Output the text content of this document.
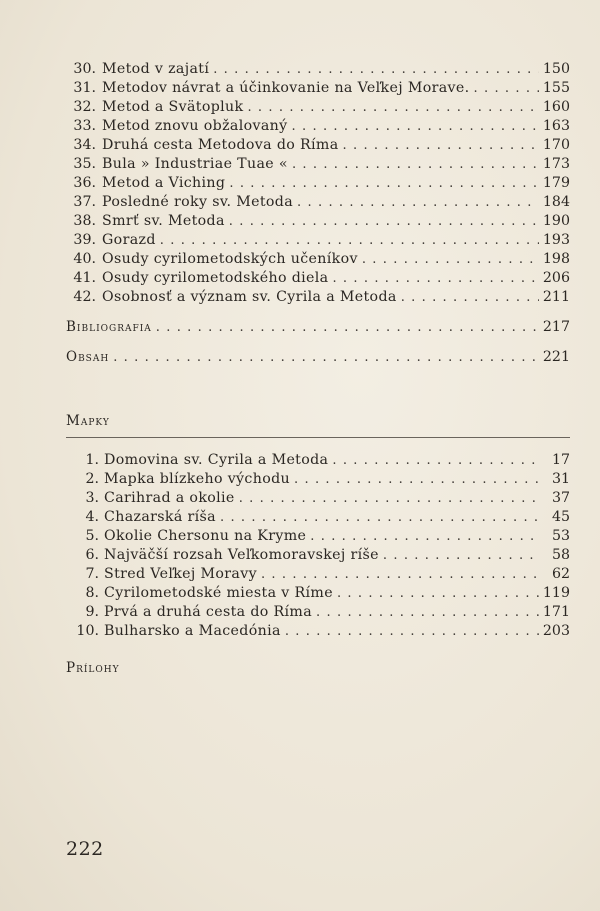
30. Metod v zajatí . . .	150
31. Metodov návrat a účinkovanie na Veľkej Morave. . . .	155
32. Metod a Svätopluk . . .	160
33. Metod znovu obžalovaný . . .	163
34. Druhá cesta Metodova do Ríma . . .	170
35. Bula » Industriae Tuae « . . .	173
36. Metod a Viching . . .	179
37. Posledné roky sv. Metoda . . .	184
38. Smrť sv. Metoda . . .	190
39. Gorazd . . .	193
40. Osudy cyrilometodských učeníkov . . .	198
41. Osudy cyrilometodského diela . . .	206
42. Osobnosť a význam sv. Cyrila a Metoda . . .	211
Bibliografia . . .	217
Obsah . . .	221
Mapky
1. Domovina sv. Cyrila a Metoda . . .	17
2. Mapka blízkeho východu . . .	31
3. Carihrad a okolie . . .	37
4. Chazarská ríša . . .	45
5. Okolie Chersonu na Kryme . . .	53
6. Najväčší rozsah Veľkomoravskej ríše . . .	58
7. Stred Veľkej Moravy . . .	62
8. Cyrilometodské miesta v Ríme . . .	119
9. Prvá a druhá cesta do Ríma . . .	171
10. Bulharsko a Macedónia . . .	203
Prílohy
222
